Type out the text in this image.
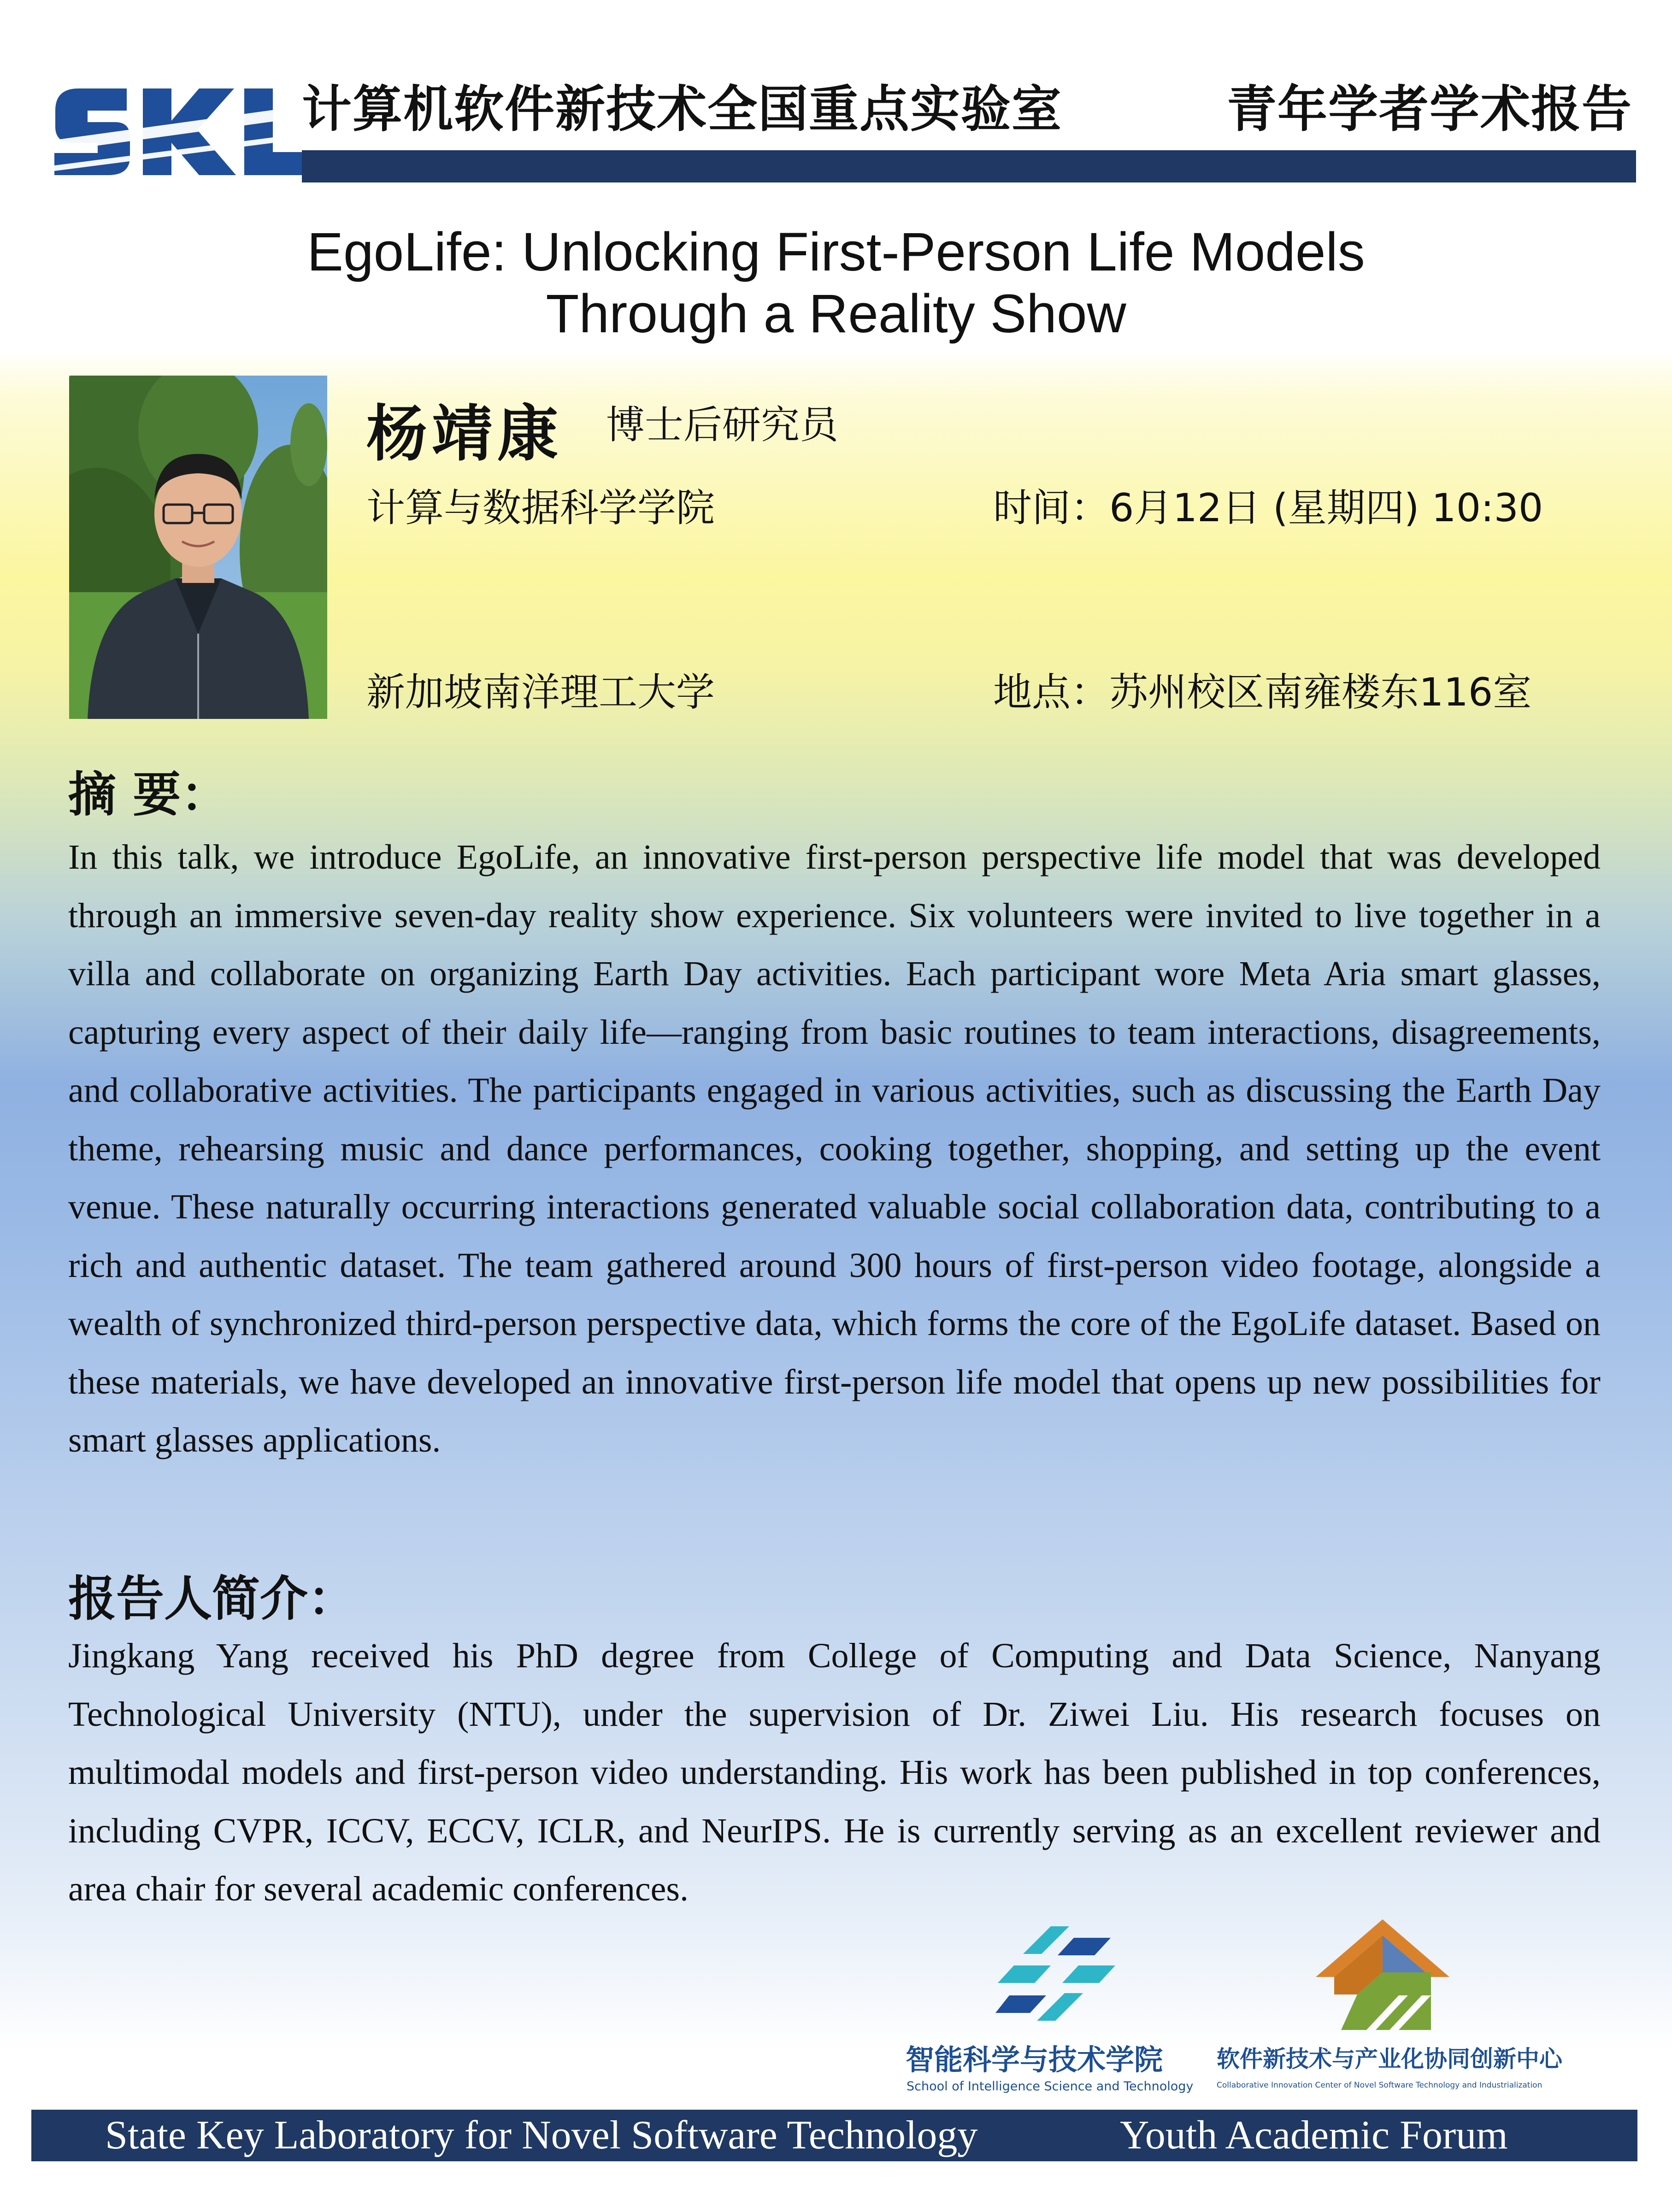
计算机软件新技术全国重点实验室	青年学者学术报告
EgoLife: Unlocking First-Person Life Models
Through a Reality Show
杨靖康 博士后研究员
计算与数据科学学院
新加坡南洋理工大学
时间：6月12日 (星期四) 10:30
地点：苏州校区南雍楼东116室
摘 要：
In this talk, we introduce EgoLife, an innovative first-person perspective life model that was developed through an immersive seven-day reality show experience. Six volunteers were invited to live together in a villa and collaborate on organizing Earth Day activities. Each participant wore Meta Aria smart glasses, capturing every aspect of their daily life—ranging from basic routines to team interactions, disagreements, and collaborative activities. The participants engaged in various activities, such as discussing the Earth Day theme, rehearsing music and dance performances, cooking together, shopping, and setting up the event venue. These naturally occurring interactions generated valuable social collaboration data, contributing to a rich and authentic dataset. The team gathered around 300 hours of first-person video footage, alongside a wealth of synchronized third-person perspective data, which forms the core of the EgoLife dataset. Based on these materials, we have developed an innovative first-person life model that opens up new possibilities for smart glasses applications.
报告人简介：
Jingkang Yang received his PhD degree from College of Computing and Data Science, Nanyang Technological University (NTU), under the supervision of Dr. Ziwei Liu. His research focuses on multimodal models and first-person video understanding. His work has been published in top conferences, including CVPR, ICCV, ECCV, ICLR, and NeurIPS. He is currently serving as an excellent reviewer and area chair for several academic conferences.
智能科学与技术学院
School of Intelligence Science and Technology
软件新技术与产业化协同创新中心
Collaborative Innovation Center of Novel Software Technology and Industrialization
State Key Laboratory for Novel Software Technology	Youth Academic Forum
